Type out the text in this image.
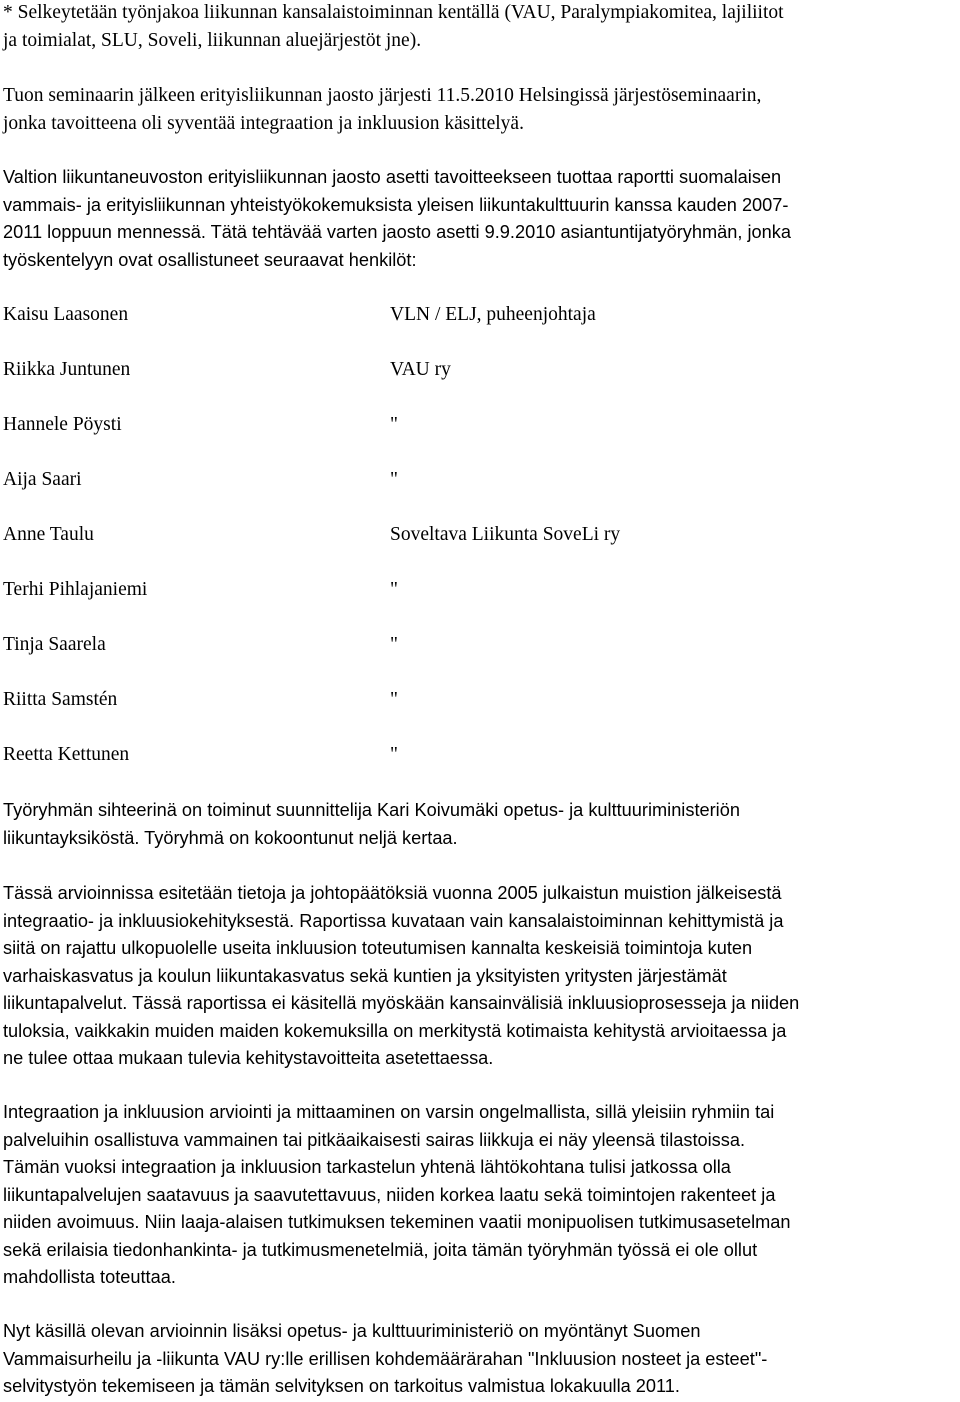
* Selkeytetään työnjakoa liikunnan kansalaistoiminnan kentällä (VAU, Paralympiakomitea, lajiliitot
ja toimialat, SLU, Soveli, liikunnan aluejärjestöt jne).
Tuon seminaarin jälkeen erityisliikunnan jaosto järjesti 11.5.2010 Helsingissä järjestöseminaarin,
jonka tavoitteena oli syventää integraation ja inkluusion käsittelyä.
Valtion liikuntaneuvoston erityisliikunnan jaosto asetti tavoitteekseen tuottaa raportti suomalaisen
vammais- ja erityisliikunnan yhteistyökokemuksista yleisen liikuntakulttuurin kanssa kauden 2007-
2011 loppuun mennessä. Tätä tehtävää varten jaosto asetti 9.9.2010 asiantuntijatyöryhmän, jonka
työskentelyyn ovat osallistuneet seuraavat henkilöt:
Kaisu Laasonen	VLN / ELJ, puheenjohtaja
Riikka Juntunen	VAU ry
Hannele Pöysti	"
Aija Saari	"
Anne Taulu	Soveltava Liikunta SoveLi ry
Terhi Pihlajaniemi	"
Tinja Saarela	"
Riitta Samstén	"
Reetta Kettunen	"
Työryhmän sihteerinä on toiminut suunnittelija Kari Koivumäki opetus- ja kulttuuriministeriön
liikuntayksiköstä. Työryhmä on kokoontunut neljä kertaa.
Tässä arvioinnissa esitetään tietoja ja johtopäätöksiä vuonna 2005 julkaistun muistion jälkeisestä
integraatio- ja inkluusiokehityksestä. Raportissa kuvataan vain kansalaistoiminnan kehittymistä ja
siitä on rajattu ulkopuolelle useita inkluusion toteutumisen kannalta keskeisiä toimintoja kuten
varhaiskasvatus ja koulun liikuntakasvatus sekä kuntien ja yksityisten yritysten järjestämät
liikuntapalvelut. Tässä raportissa ei käsitellä myöskään kansainvälisiä inkluusioprosesseja ja niiden
tuloksia, vaikkakin muiden maiden kokemuksilla on merkitystä kotimaista kehitystä arvioitaessa ja
ne tulee ottaa mukaan tulevia kehitystavoitteita asetettaessa.
Integraation ja inkluusion arviointi ja mittaaminen on varsin ongelmallista, sillä yleisiin ryhmiin tai
palveluihin osallistuva vammainen tai pitkäaikaisesti sairas liikkuja ei näy yleensä tilastoissa.
Tämän vuoksi integraation ja inkluusion tarkastelun yhtenä lähtökohtana tulisi jatkossa olla
liikuntapalvelujen saatavuus ja saavutettavuus, niiden korkea laatu sekä toimintojen rakenteet ja
niiden avoimuus. Niin laaja-alaisen tutkimuksen tekeminen vaatii monipuolisen tutkimusasetelman
sekä erilaisia tiedonhankinta- ja tutkimusmenetelmiä, joita tämän työryhmän työssä ei ole ollut
mahdollista toteuttaa.
Nyt käsillä olevan arvioinnin lisäksi opetus- ja kulttuuriministeriö on myöntänyt Suomen
Vammaisurheilu ja -liikunta VAU ry:lle erillisen kohdemäärärahan "Inkluusion nosteet ja esteet"-
selvitystyön tekemiseen ja tämän selvityksen on tarkoitus valmistua lokakuulla 2011.
